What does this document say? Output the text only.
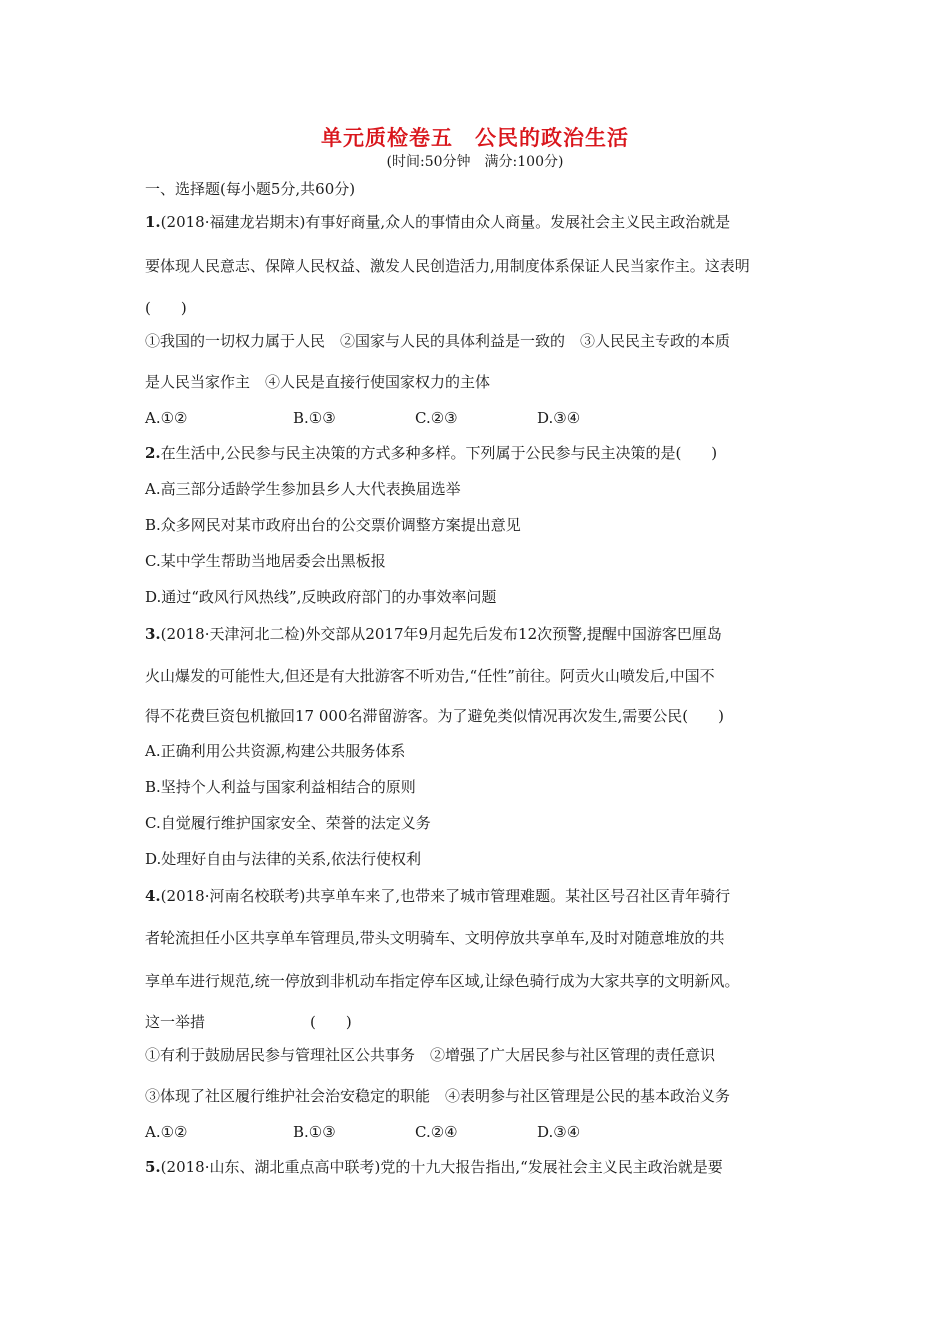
单元质检卷五　公民的政治生活
(时间:50分钟　满分:100分)
一、选择题(每小题5分,共60分)
1.(2018·福建龙岩期末)有事好商量,众人的事情由众人商量。发展社会主义民主政治就是
要体现人民意志、保障人民权益、激发人民创造活力,用制度体系保证人民当家作主。这表明
(　　)
①我国的一切权力属于人民　②国家与人民的具体利益是一致的　③人民民主专政的本质
是人民当家作主　④人民是直接行使国家权力的主体
A.①②	B.①③	C.②③	D.③④
2.在生活中,公民参与民主决策的方式多种多样。下列属于公民参与民主决策的是(　　)
A.高三部分适龄学生参加县乡人大代表换届选举
B.众多网民对某市政府出台的公交票价调整方案提出意见
C.某中学生帮助当地居委会出黑板报
D.通过“政风行风热线”,反映政府部门的办事效率问题
3.(2018·天津河北二检)外交部从2017年9月起先后发布12次预警,提醒中国游客巴厘岛
火山爆发的可能性大,但还是有大批游客不听劝告,“任性”前往。阿贡火山喷发后,中国不
得不花费巨资包机撤回17 000名滞留游客。为了避免类似情况再次发生,需要公民(　　)
A.正确利用公共资源,构建公共服务体系
B.坚持个人利益与国家利益相结合的原则
C.自觉履行维护国家安全、荣誉的法定义务
D.处理好自由与法律的关系,依法行使权利
4.(2018·河南名校联考)共享单车来了,也带来了城市管理难题。某社区号召社区青年骑行
者轮流担任小区共享单车管理员,带头文明骑车、文明停放共享单车,及时对随意堆放的共
享单车进行规范,统一停放到非机动车指定停车区域,让绿色骑行成为大家共享的文明新风。
这一举措　　　　　　　(　　)
①有利于鼓励居民参与管理社区公共事务　②增强了广大居民参与社区管理的责任意识
③体现了社区履行维护社会治安稳定的职能　④表明参与社区管理是公民的基本政治义务
A.①②	B.①③	C.②④	D.③④
5.(2018·山东、湖北重点高中联考)党的十九大报告指出,“发展社会主义民主政治就是要
